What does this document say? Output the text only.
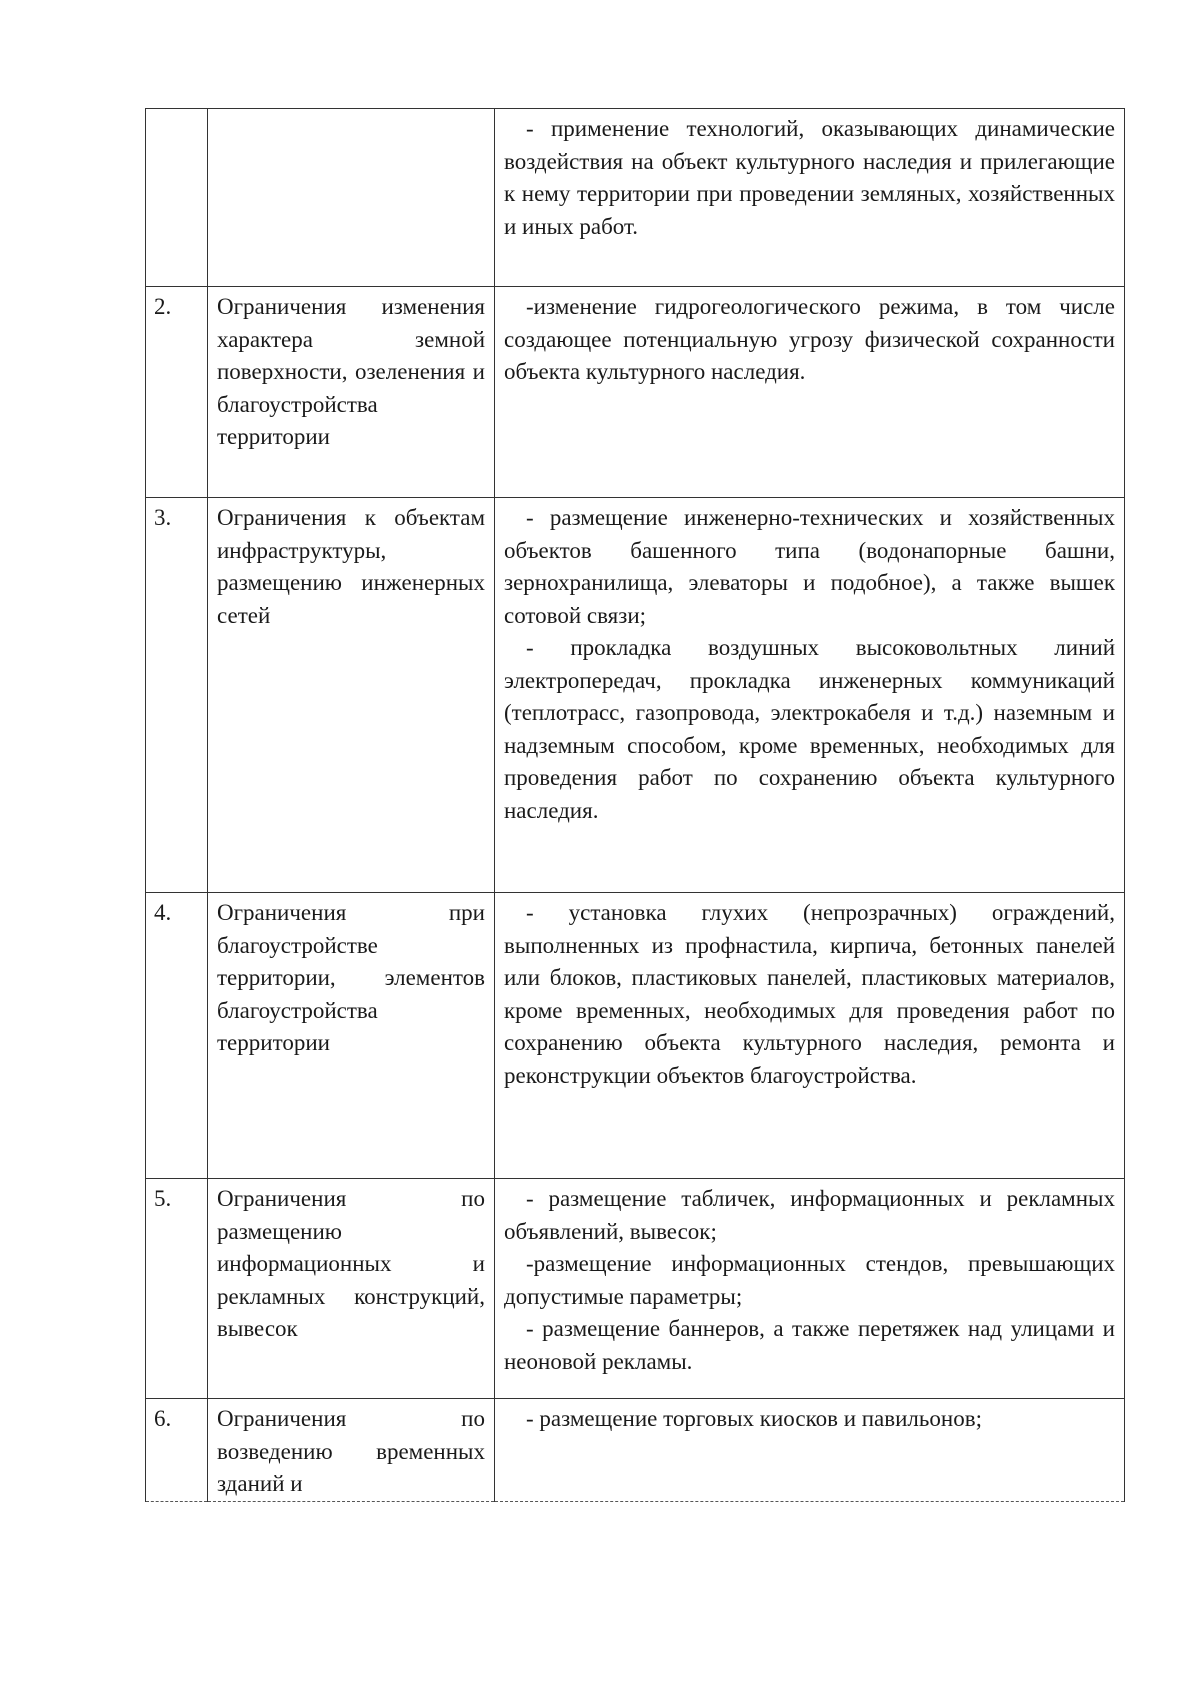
		- применение технологий, оказывающих динамические воздействия на объект культурного наследия и прилегающие к нему территории при проведении земляных, хозяйственных и иных работ.

2.	Ограничения изменения характера земной поверхности, озеленения и благоустройства территории	-изменение гидрогеологического режима, в том числе создающее потенциальную угрозу физической сохранности объекта культурного наследия.

3.	Ограничения к объектам инфраструктуры, размещению инженерных сетей	- размещение инженерно-технических и хозяйственных объектов башенного типа (водонапорные башни, зернохранилища, элеваторы и подобное), а также вышек сотовой связи;
- прокладка воздушных высоковольтных линий электропередач, прокладка инженерных коммуникаций (теплотрасс, газопровода, электрокабеля и т.д.) наземным и надземным способом, кроме временных, необходимых для проведения работ по сохранению объекта культурного наследия.

4.	Ограничения при благоустройстве территории, элементов благоустройства территории	- установка глухих (непрозрачных) ограждений, выполненных из профнастила, кирпича, бетонных панелей или блоков, пластиковых панелей, пластиковых материалов, кроме временных, необходимых для проведения работ по сохранению объекта культурного наследия, ремонта и реконструкции объектов благоустройства.

5.	Ограничения по размещению информационных и рекламных конструкций, вывесок	- размещение табличек, информационных и рекламных объявлений, вывесок;
-размещение информационных стендов, превышающих допустимые параметры;
- размещение баннеров, а также перетяжек над улицами и неоновой рекламы.

6.	Ограничения по возведению временных зданий и	- размещение торговых киосков и павильонов;
